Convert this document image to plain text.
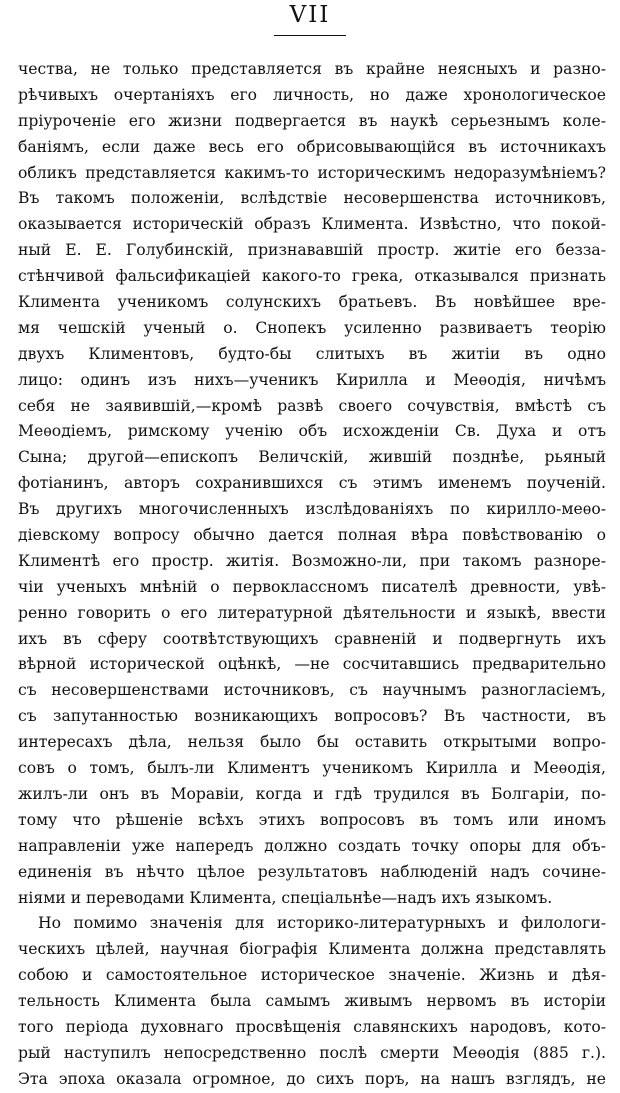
VII
чества, не только представляется въ крайне неясныхъ и разно-
рѣчивыхъ очертаніяхъ его личность, но даже хронологическое
пріуроченіе его жизни подвергается въ наукѣ серьезнымъ коле-
баніямъ, если даже весь его обрисовывающійся въ источникахъ
обликъ представляется какимъ-то историческимъ недоразумѣніемъ?
Въ такомъ положеніи, вслѣдствіе несовершенства источниковъ,
оказывается историческій образъ Климента. Извѣстно, что покой-
ный Е. Е. Голубинскій, признававшій простр. житіе его безза-
стѣнчивой фальсификаціей какого-то грека, отказывался признать
Климента ученикомъ солунскихъ братьевъ. Въ новѣйшее вре-
мя чешскій ученый о. Снопекъ усиленно развиваетъ теорію
двухъ Климентовъ, будто-бы слитыхъ въ житіи въ одно
лицо: одинъ изъ нихъ—ученикъ Кирилла и Меѳодія, ничѣмъ
себя не заявившій,—кромѣ развѣ своего сочувствія, вмѣстѣ съ
Меѳодіемъ, римскому ученію объ исхожденіи Св. Духа и отъ
Сына; другой—епископъ Величскій, жившій позднѣе, рьяный
фотіанинъ, авторъ сохранившихся съ этимъ именемъ поученій.
Въ другихъ многочисленныхъ изслѣдованіяхъ по кирилло-меѳо-
діевскому вопросу обычно дается полная вѣра повѣствованію о
Климентѣ его простр. житія. Возможно-ли, при такомъ разноре-
чіи ученыхъ мнѣній о первоклассномъ писателѣ древности, увѣ-
ренно говорить о его литературной дѣятельности и языкѣ, ввести
ихъ въ сферу соотвѣтствующихъ сравненій и подвергнуть ихъ
вѣрной исторической оцѣнкѣ, —не сосчитавшись предварительно
съ несовершенствами источниковъ, съ научнымъ разногласіемъ,
съ запутанностью возникающихъ вопросовъ? Въ частности, въ
интересахъ дѣла, нельзя было бы оставить открытыми вопро-
совъ о томъ, былъ-ли Климентъ ученикомъ Кирилла и Меѳодія,
жилъ-ли онъ въ Моравіи, когда и гдѣ трудился въ Болгаріи, по-
тому что рѣшеніе всѣхъ этихъ вопросовъ въ томъ или иномъ
направленіи уже напередъ должно создать точку опоры для объ-
единенія въ нѣчто цѣлое результатовъ наблюденій надъ сочине-
ніями и переводами Климента, спеціальнѣе—надъ ихъ языкомъ.
Но помимо значенія для историко-литературныхъ и филологи-
ческихъ цѣлей, научная біографія Климента должна представлять
собою и самостоятельное историческое значеніе. Жизнь и дѣя-
тельность Климента была самымъ живымъ нервомъ въ исторіи
того періода духовнаго просвѣщенія славянскихъ народовъ, кото-
рый наступилъ непосредственно послѣ смерти Меѳодія (885 г.).
Эта эпоха оказала огромное, до сихъ поръ, на нашъ взглядъ, не
